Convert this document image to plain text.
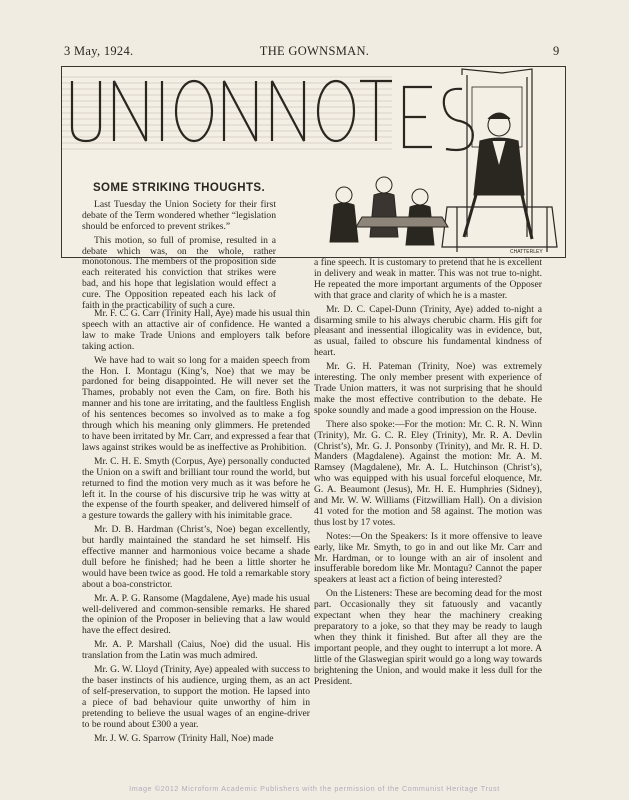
3 May, 1924.	THE GOWNSMAN.	9
UNION NOTES
CHATTERLEY

SOME STRIKING THOUGHTS.

Last Tuesday the Union Society for their first debate of the Term wondered whether “legislation should be enforced to prevent strikes.”

This motion, so full of promise, resulted in a debate which was, on the whole, rather monotonous. The members of the proposition side each reiterated his conviction that strikes were bad, and his hope that legislation would effect a cure. The Opposition repeated each his lack of faith in the practicability of such a cure.

Mr. F. C. G. Carr (Trinity Hall, Aye) made his usual thin speech with an attactive air of confidence. He wanted a law to make Trade Unions and employers talk before taking action.

We have had to wait so long for a maiden speech from the Hon. I. Montagu (King’s, Noe) that we may be pardoned for being disappointed. He will never set the Thames, probably not even the Cam, on fire. Both his manner and his tone are irritating, and the faultless English of his sentences becomes so involved as to make a fog through which his meaning only glimmers. He pretended to have been irritated by Mr. Carr, and expressed a fear that laws against strikes would be as ineffective as Prohibition.

Mr. C. H. E. Smyth (Corpus, Aye) personally conducted the Union on a swift and brilliant tour round the world, but returned to find the motion very much as it was before he left it. In the course of his discursive trip he was witty at the expense of the fourth speaker, and delivered himself of a gesture towards the gallery with his inimitable grace.

Mr. D. B. Hardman (Christ’s, Noe) began excellently, but hardly maintained the standard he set himself. His effective manner and harmonious voice became a shade dull before he finished; had he been a little shorter he would have been twice as good. He told a remarkable story about a boa-constrictor.

Mr. A. P. G. Ransome (Magdalene, Aye) made his usual well-delivered and common-sensible remarks. He shared the opinion of the Proposer in believing that a law would have the effect desired.

Mr. A. P. Marshall (Caius, Noe) did the usual. His translation from the Latin was much admired.

Mr. G. W. Lloyd (Trinity, Aye) appealed with success to the baser instincts of his audience, urging them, as an act of self-preservation, to support the motion. He lapsed into a piece of bad behaviour quite unworthy of him in pretending to believe the usual wages of an engine-driver to be round about £300 a year.

Mr. J. W. G. Sparrow (Trinity Hall, Noe) made

a fine speech. It is customary to pretend that he is excellent in delivery and weak in matter. This was not true to-night. He repeated the more important arguments of the Opposer with that grace and clarity of which he is a master.

Mr. D. C. Capel-Dunn (Trinity, Aye) added to-night a disarming smile to his always cherubic charm. His gift for pleasant and inessential illogicality was in evidence, but, as usual, failed to obscure his fundamental kindness of heart.

Mr. G. H. Pateman (Trinity, Noe) was extremely interesting. The only member present with experience of Trade Union matters, it was not surprising that he should make the most effective contribution to the debate. He spoke soundly and made a good impression on the House.

There also spoke:—For the motion: Mr. C. R. N. Winn (Trinity), Mr. G. C. R. Eley (Trinity), Mr. R. A. Devlin (Christ’s), Mr. G. J. Ponsonby (Trinity), and Mr. R. H. D. Manders (Magdalene). Against the motion: Mr. A. M. Ramsey (Magdalene), Mr. A. L. Hutchinson (Christ’s), who was equipped with his usual forceful eloquence, Mr. G. A. Beaumont (Jesus), Mr. H. E. Humphries (Sidney), and Mr. W. W. Williams (Fitzwilliam Hall). On a division 41 voted for the motion and 58 against. The motion was thus lost by 17 votes.

Notes:—On the Speakers: Is it more offensive to leave early, like Mr. Smyth, to go in and out like Mr. Carr and Mr. Hardman, or to lounge with an air of insolent and insufferable boredom like Mr. Montagu? Cannot the paper speakers at least act a fiction of being interested?

On the Listeners: These are becoming dead for the most part. Occasionally they sit fatuously and vacantly expectant when they hear the machinery creaking preparatory to a joke, so that they may be ready to laugh when they think it finished. But after all they are the important people, and they ought to interrupt a lot more. A little of the Glaswegian spirit would go a long way towards brightening the Union, and would make it less dull for the President.

Image ©2012 Microform Academic Publishers with the permission of the Communist Heritage Trust
